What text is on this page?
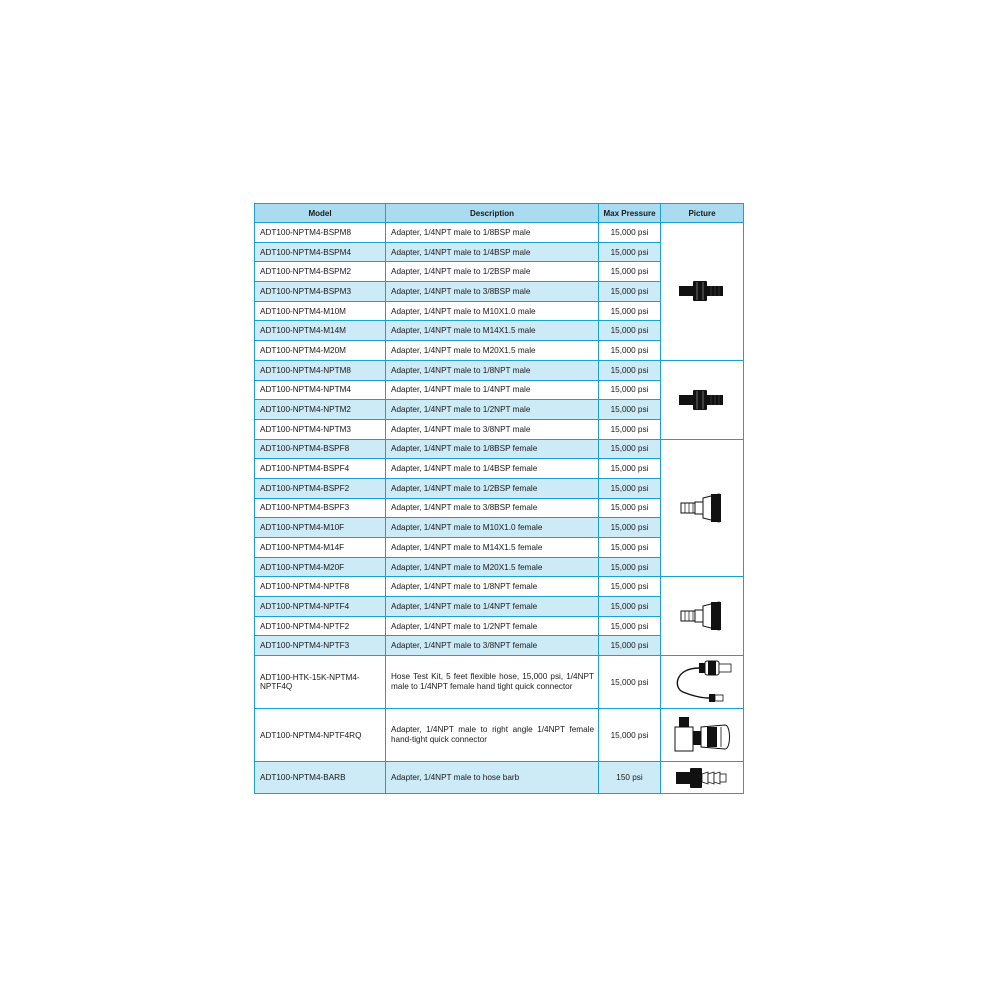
Model	Description	Max Pressure	Picture
ADT100-NPTM4-BSPM8	Adapter, 1/4NPT male to 1/8BSP male	15,000 psi	

ADT100-NPTM4-BSPM4	Adapter, 1/4NPT male to 1/4BSP male	15,000 psi	
ADT100-NPTM4-BSPM2	Adapter, 1/4NPT male to 1/2BSP male	15,000 psi	
ADT100-NPTM4-BSPM3	Adapter, 1/4NPT male to 3/8BSP male	15,000 psi	
ADT100-NPTM4-M10M	Adapter, 1/4NPT male to M10X1.0 male	15,000 psi	
ADT100-NPTM4-M14M	Adapter, 1/4NPT male to M14X1.5 male	15,000 psi	
ADT100-NPTM4-M20M	Adapter, 1/4NPT male to M20X1.5 male	15,000 psi	
ADT100-NPTM4-NPTM8	Adapter, 1/4NPT male to 1/8NPT male	15,000 psi	

ADT100-NPTM4-NPTM4	Adapter, 1/4NPT male to 1/4NPT male	15,000 psi	
ADT100-NPTM4-NPTM2	Adapter, 1/4NPT male to 1/2NPT male	15,000 psi	
ADT100-NPTM4-NPTM3	Adapter, 1/4NPT male to 3/8NPT male	15,000 psi	
ADT100-NPTM4-BSPF8	Adapter, 1/4NPT male to 1/8BSP female	15,000 psi	

ADT100-NPTM4-BSPF4	Adapter, 1/4NPT male to 1/4BSP female	15,000 psi	
ADT100-NPTM4-BSPF2	Adapter, 1/4NPT male to 1/2BSP female	15,000 psi	
ADT100-NPTM4-BSPF3	Adapter, 1/4NPT male to 3/8BSP female	15,000 psi	
ADT100-NPTM4-M10F	Adapter, 1/4NPT male to M10X1.0 female	15,000 psi	
ADT100-NPTM4-M14F	Adapter, 1/4NPT male to M14X1.5 female	15,000 psi	
ADT100-NPTM4-M20F	Adapter, 1/4NPT male to M20X1.5 female	15,000 psi	
ADT100-NPTM4-NPTF8	Adapter, 1/4NPT male to 1/8NPT female	15,000 psi	

ADT100-NPTM4-NPTF4	Adapter, 1/4NPT male to 1/4NPT female	15,000 psi	
ADT100-NPTM4-NPTF2	Adapter, 1/4NPT male to 1/2NPT female	15,000 psi	
ADT100-NPTM4-NPTF3	Adapter, 1/4NPT male to 3/8NPT female	15,000 psi	
ADT100-HTK-15K-NPTM4-NPTF4Q	Hose Test Kit, 5 feet flexible hose, 15,000 psi, 1/4NPT male to 1/4NPT female hand tight quick connector	15,000 psi	

ADT100-NPTM4-NPTF4RQ	Adapter, 1/4NPT male to right angle 1/4NPT female hand-tight quick connector	15,000 psi	

ADT100-NPTM4-BARB	Adapter, 1/4NPT male to hose barb	150 psi	
